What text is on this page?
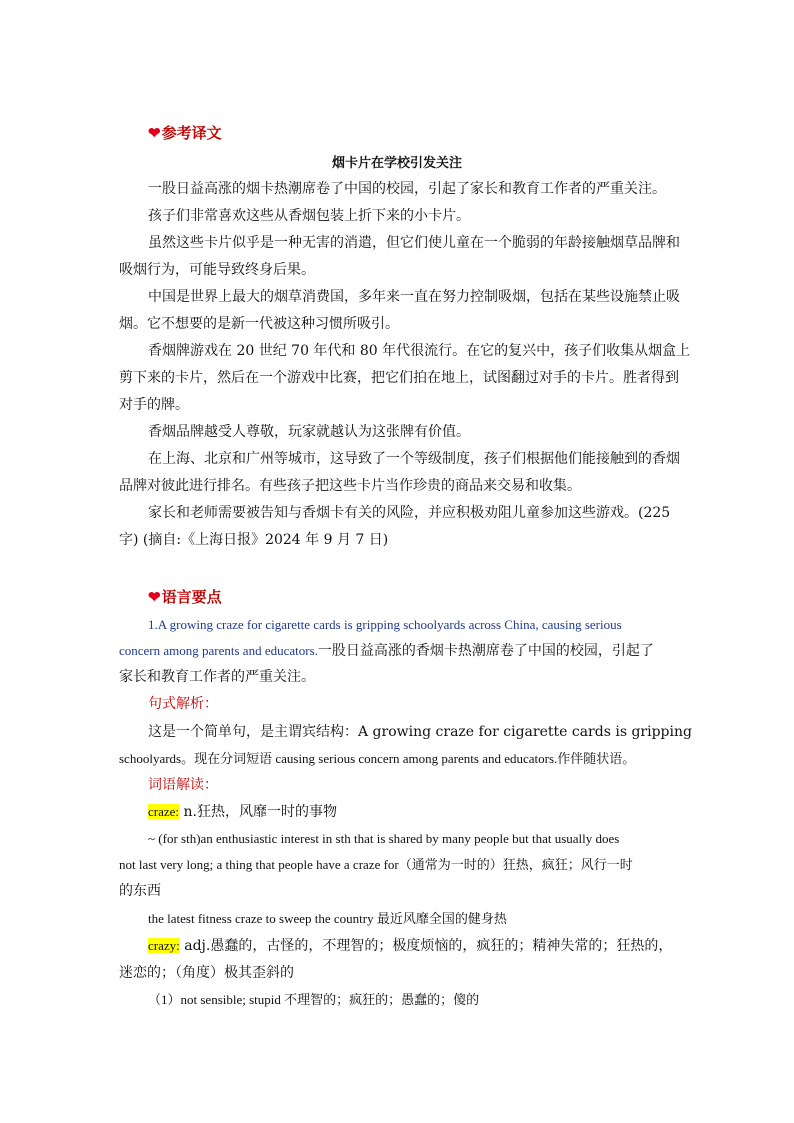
❤参考译文
烟卡片在学校引发关注
一股日益高涨的烟卡热潮席卷了中国的校园，引起了家长和教育工作者的严重关注。
孩子们非常喜欢这些从香烟包装上折下来的小卡片。
虽然这些卡片似乎是一种无害的消遣，但它们使儿童在一个脆弱的年龄接触烟草品牌和
吸烟行为，可能导致终身后果。
中国是世界上最大的烟草消费国，多年来一直在努力控制吸烟，包括在某些设施禁止吸
烟。它不想要的是新一代被这种习惯所吸引。
香烟牌游戏在 20 世纪 70 年代和 80 年代很流行。在它的复兴中，孩子们收集从烟盒上
剪下来的卡片，然后在一个游戏中比赛，把它们拍在地上，试图翻过对手的卡片。胜者得到
对手的牌。
香烟品牌越受人尊敬，玩家就越认为这张牌有价值。
在上海、北京和广州等城市，这导致了一个等级制度，孩子们根据他们能接触到的香烟
品牌对彼此进行排名。有些孩子把这些卡片当作珍贵的商品来交易和收集。
家长和老师需要被告知与香烟卡有关的风险，并应积极劝阻儿童参加这些游戏。(225
字) (摘自:《上海日报》2024 年 9 月 7 日)
❤语言要点
1.A growing craze for cigarette cards is gripping schoolyards across China, causing serious
concern among parents and educators.一股日益高涨的香烟卡热潮席卷了中国的校园，引起了
家长和教育工作者的严重关注。
句式解析：
这是一个简单句，是主谓宾结构：A growing craze for cigarette cards is gripping
schoolyards。现在分词短语 causing serious concern among parents and educators.作伴随状语。
词语解读：
craze: n.狂热，风靡一时的事物
~ (for sth)an enthusiastic interest in sth that is shared by many people but that usually does
not last very long; a thing that people have a craze for（通常为一时的）狂热，疯狂；风行一时
的东西
the latest fitness craze to sweep the country 最近风靡全国的健身热
crazy: adj.愚蠢的，古怪的，不理智的；极度烦恼的，疯狂的；精神失常的；狂热的，
迷恋的；（角度）极其歪斜的
（1）not sensible; stupid 不理智的；疯狂的；愚蠢的；傻的
